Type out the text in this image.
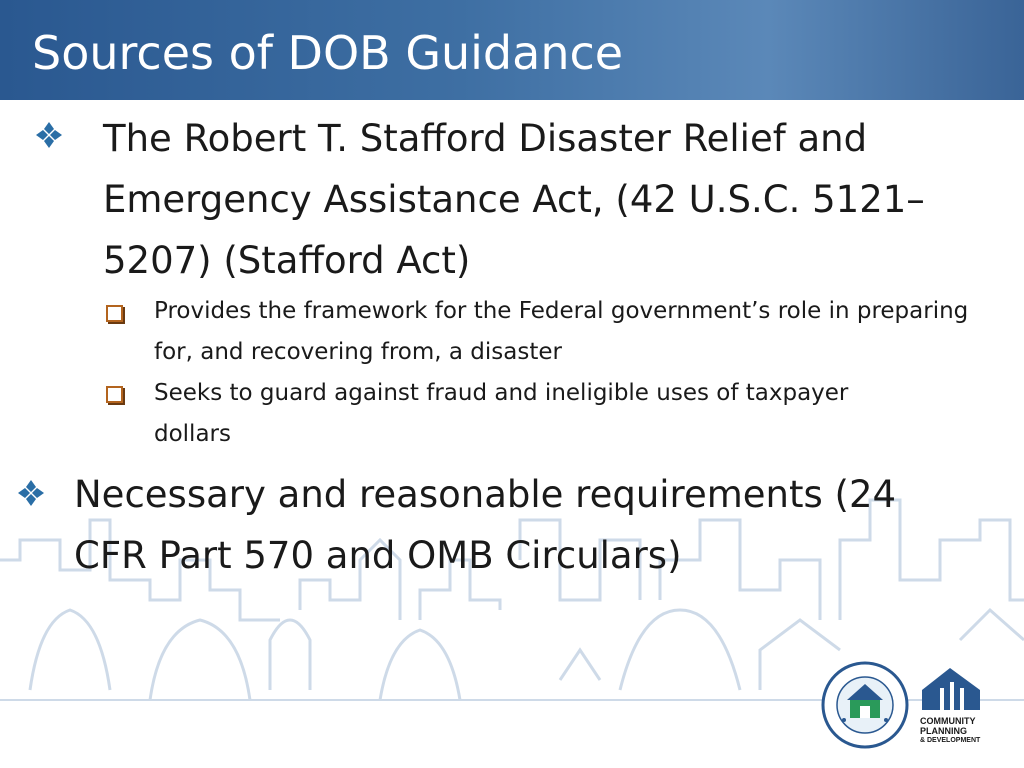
Sources of DOB Guidance
The Robert T. Stafford Disaster Relief and Emergency Assistance Act, (42 U.S.C. 5121–5207) (Stafford Act)
Provides the framework for the Federal government’s role in preparing for, and recovering from, a disaster
Seeks to guard against fraud and ineligible uses of taxpayer dollars
Necessary and reasonable requirements (24 CFR Part 570 and OMB Circulars)
COMMUNITY
PLANNING
& DEVELOPMENT
